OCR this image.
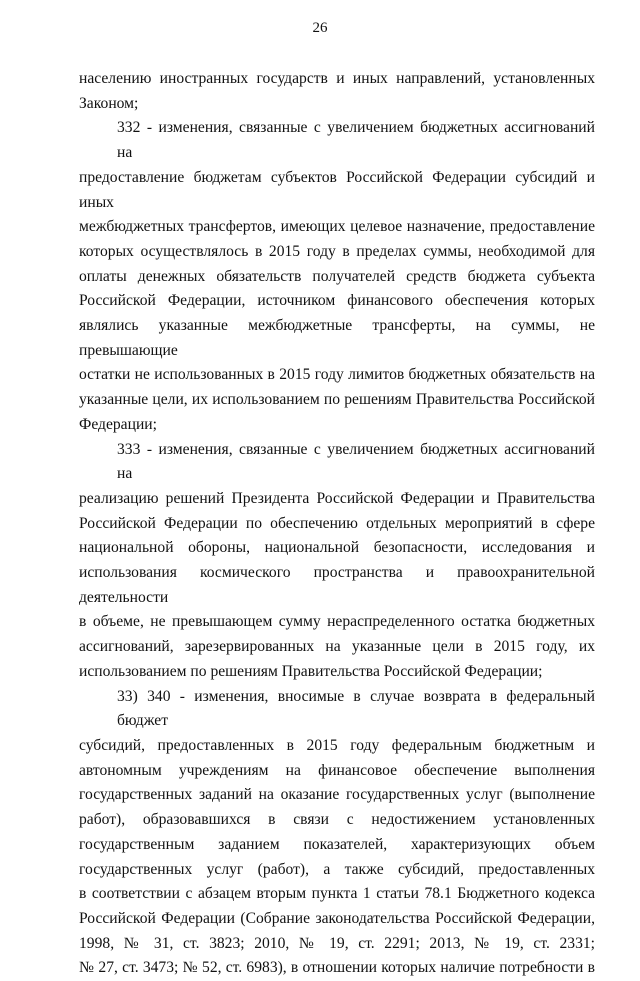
26

населению иностранных государств и иных направлений, установленных

Законом;

332 - изменения, связанные с увеличением бюджетных ассигнований на

предоставление бюджетам субъектов Российской Федерации субсидий и иных

межбюджетных трансфертов, имеющих целевое назначение, предоставление

которых осуществлялось в 2015 году в пределах суммы, необходимой для

оплаты денежных обязательств получателей средств бюджета субъекта

Российской Федерации, источником финансового обеспечения которых

являлись указанные межбюджетные трансферты, на суммы, не превышающие

остатки не использованных в 2015 году лимитов бюджетных обязательств на

указанные цели, их использованием по решениям Правительства Российской

Федерации;

333 - изменения, связанные с увеличением бюджетных ассигнований на

реализацию решений Президента Российской Федерации и Правительства

Российской Федерации по обеспечению отдельных мероприятий в сфере

национальной обороны, национальной безопасности, исследования и

использования космического пространства и правоохранительной деятельности

в объеме, не превышающем сумму нераспределенного остатка бюджетных

ассигнований, зарезервированных на указанные цели в 2015 году, их

использованием по решениям Правительства Российской Федерации;

33) 340 - изменения, вносимые в случае возврата в федеральный бюджет

субсидий, предоставленных в 2015 году федеральным бюджетным и

автономным учреждениям на финансовое обеспечение выполнения

государственных заданий на оказание государственных услуг (выполнение

работ), образовавшихся в связи с недостижением установленных

государственным заданием показателей, характеризующих объем

государственных услуг (работ), а также субсидий, предоставленных

в соответствии с абзацем вторым пункта 1 статьи 78.1 Бюджетного кодекса

Российской Федерации (Собрание законодательства Российской Федерации,

1998, № 31, ст. 3823; 2010, № 19, ст. 2291; 2013, № 19, ст. 2331;

№ 27, ст. 3473; № 52, ст. 6983), в отношении которых наличие потребности в
